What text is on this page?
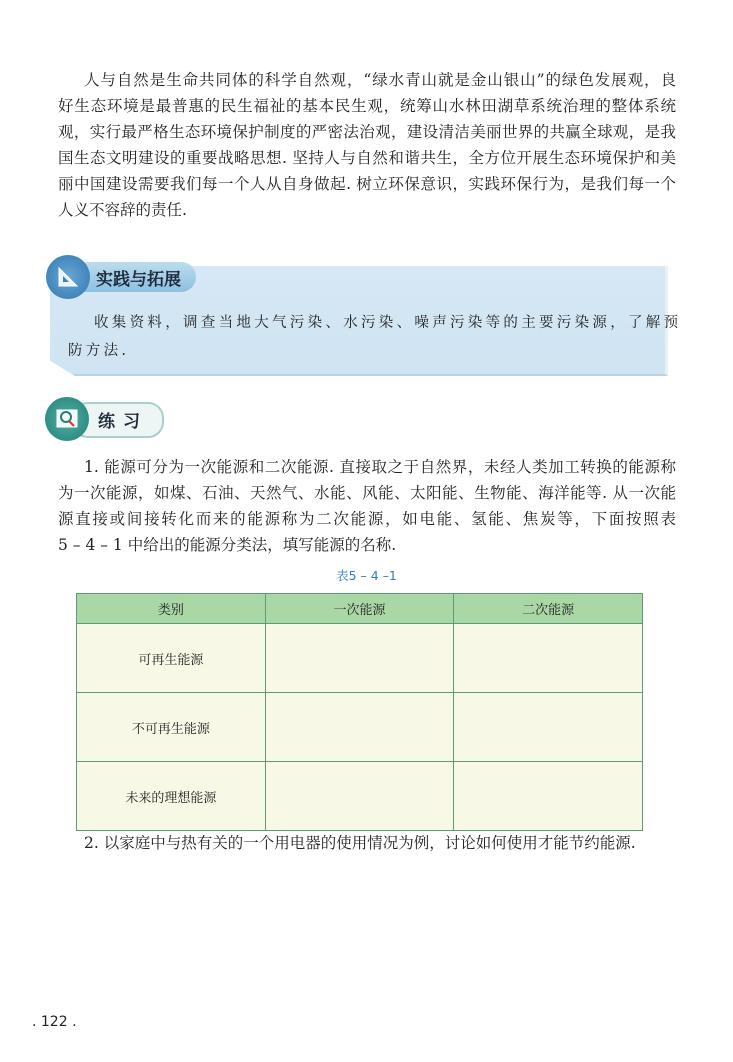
人与自然是生命共同体的科学自然观，“绿水青山就是金山银山”的绿色发展观，良
好生态环境是最普惠的民生福祉的基本民生观，统筹山水林田湖草系统治理的整体系统
观，实行最严格生态环境保护制度的严密法治观，建设清洁美丽世界的共赢全球观，是我
国生态文明建设的重要战略思想. 坚持人与自然和谐共生，全方位开展生态环境保护和美
丽中国建设需要我们每一个人从自身做起. 树立环保意识，实践环保行为，是我们每一个
人义不容辞的责任.
实践与拓展
收集资料，调查当地大气污染、水污染、噪声污染等的主要污染源，了解预
防方法.
练习
1. 能源可分为一次能源和二次能源. 直接取之于自然界，未经人类加工转换的能源称
为一次能源，如煤、石油、天然气、水能、风能、太阳能、生物能、海洋能等. 从一次能
源直接或间接转化而来的能源称为二次能源，如电能、氢能、焦炭等，下面按照表
5 – 4 – 1 中给出的能源分类法，填写能源的名称.
表5 – 4 –1
类别	一次能源	二次能源
可再生能源		
不可再生能源		
未来的理想能源		
2. 以家庭中与热有关的一个用电器的使用情况为例，讨论如何使用才能节约能源.
. 122 .
